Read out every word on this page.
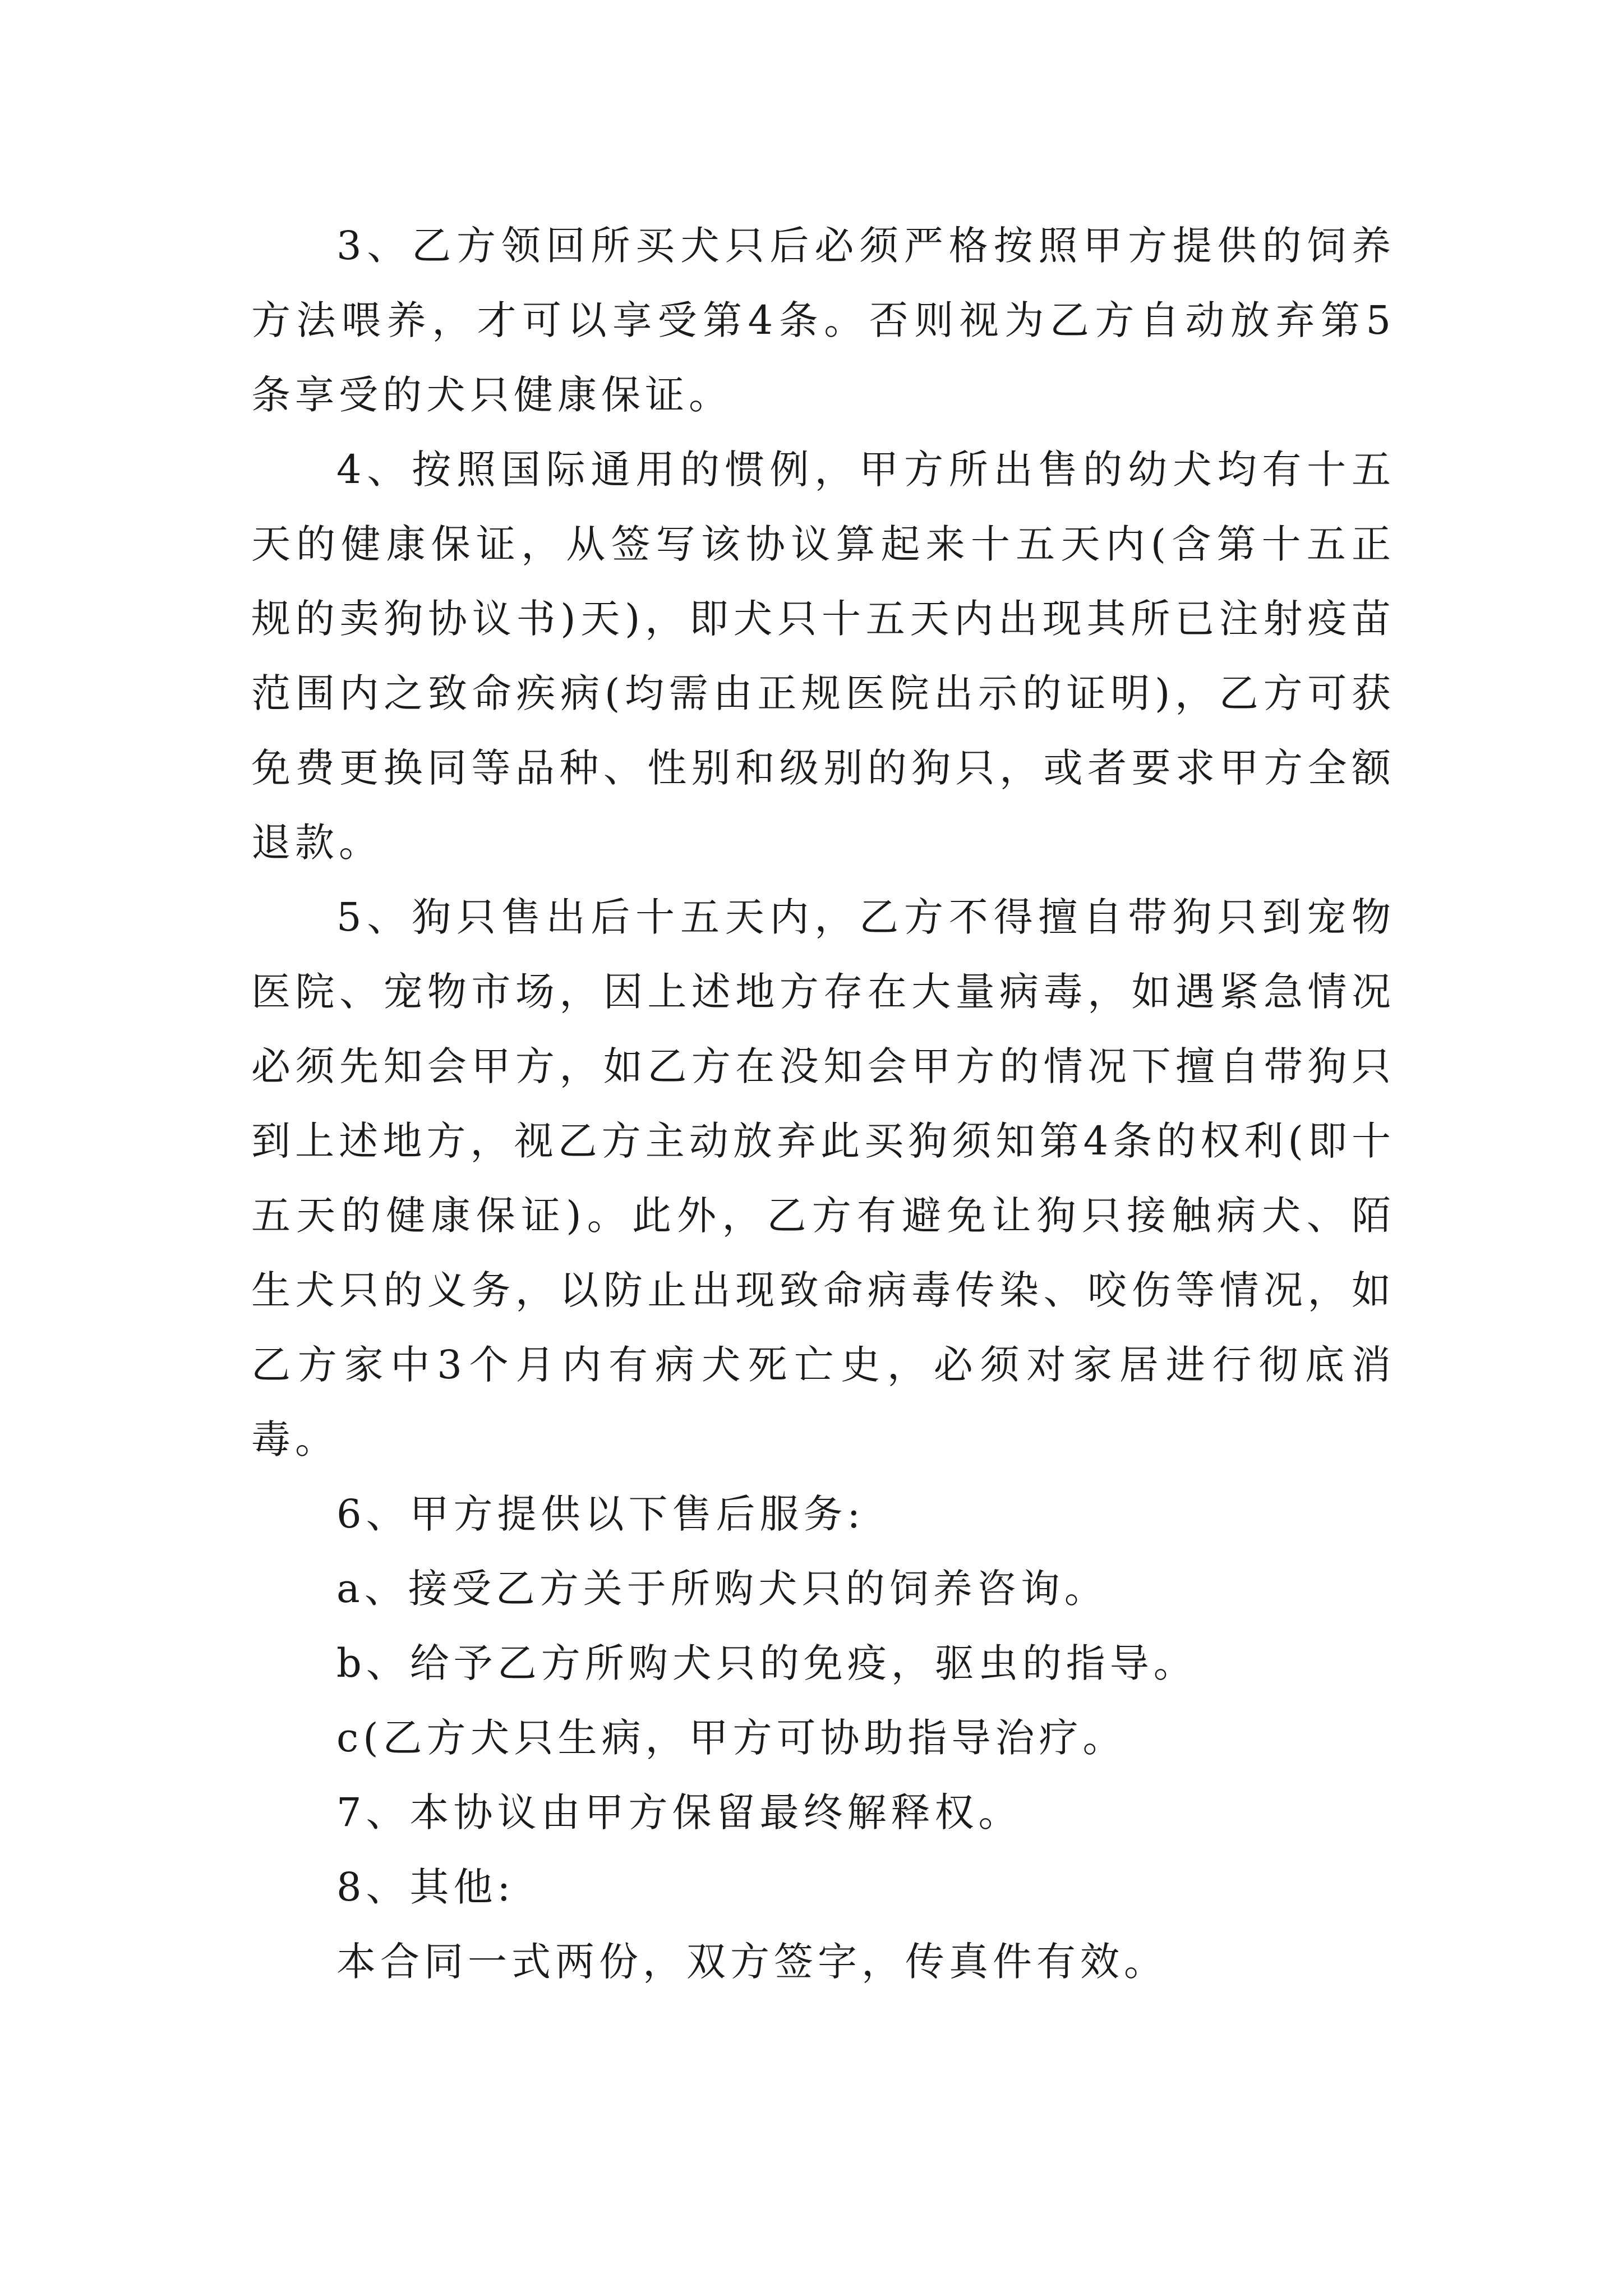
3、乙方领回所买犬只后必须严格按照甲方提供的饲养方法喂养，才可以享受第4条。否则视为乙方自动放弃第5条享受的犬只健康保证。

4、按照国际通用的惯例，甲方所出售的幼犬均有十五天的健康保证，从签写该协议算起来十五天内(含第十五正规的卖狗协议书)天)，即犬只十五天内出现其所已注射疫苗范围内之致命疾病(均需由正规医院出示的证明)，乙方可获免费更换同等品种、性别和级别的狗只，或者要求甲方全额退款。

5、狗只售出后十五天内，乙方不得擅自带狗只到宠物医院、宠物市场，因上述地方存在大量病毒，如遇紧急情况必须先知会甲方，如乙方在没知会甲方的情况下擅自带狗只到上述地方，视乙方主动放弃此买狗须知第4条的权利(即十五天的健康保证)。此外，乙方有避免让狗只接触病犬、陌生犬只的义务，以防止出现致命病毒传染、咬伤等情况，如乙方家中3个月内有病犬死亡史，必须对家居进行彻底消毒。

6、甲方提供以下售后服务:

a、接受乙方关于所购犬只的饲养咨询。

b、给予乙方所购犬只的免疫，驱虫的指导。

c(乙方犬只生病，甲方可协助指导治疗。

7、本协议由甲方保留最终解释权。

8、其他:

本合同一式两份，双方签字，传真件有效。
